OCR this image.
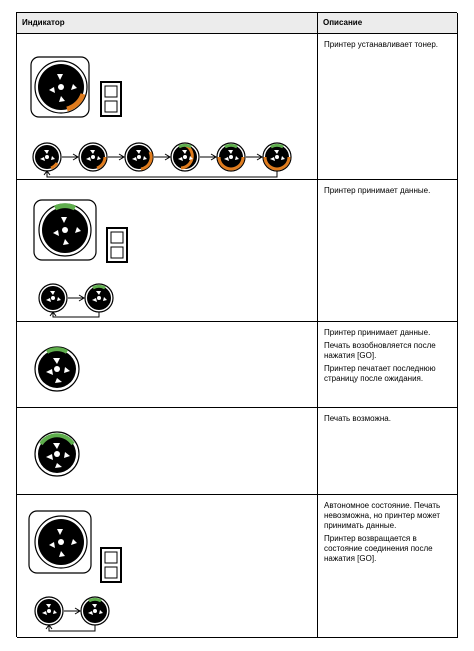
Индикатор	Описание

Принтер устанавливает тонер.

Принтер принимает данные.

Принтер принимает данные.

Печать возобновляется после нажатия [GO].

Принтер печатает последнюю страницу после ожидания.

Печать возможна.

Автономное состояние. Печать невозможна, но принтер может принимать данные.

Принтер возвращается в состояние соединения после нажатия [GO].
